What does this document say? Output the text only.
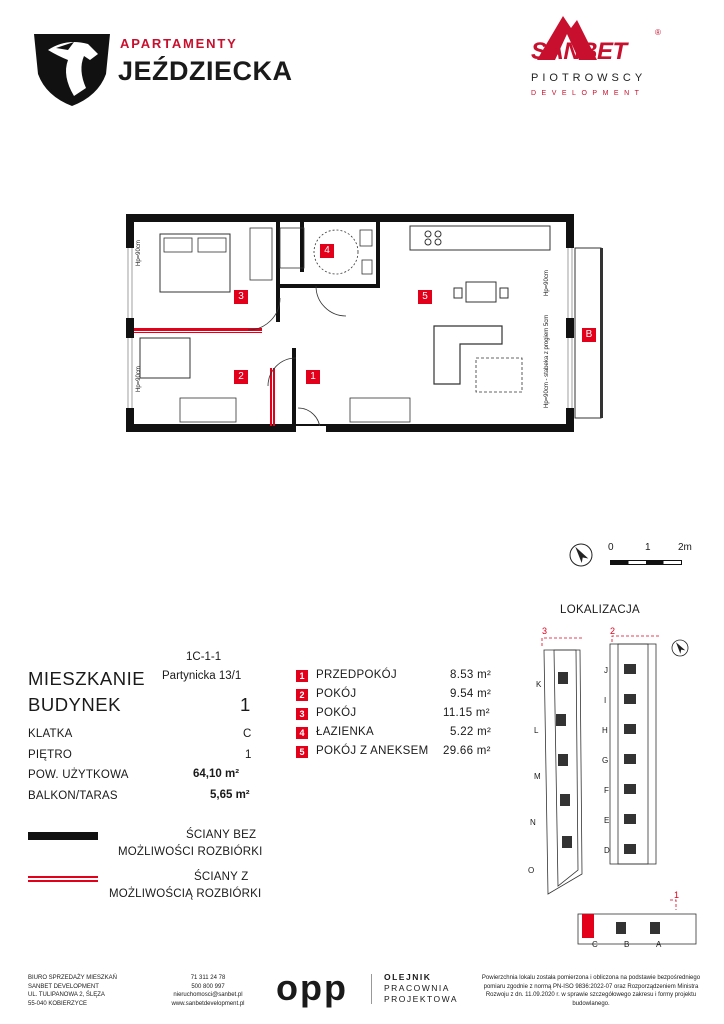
APARTAMENTY
JEŹDZIECKA
SANBET
®
PIOTROWSCY
DEVELOPMENT
1
2
3
4
5
B
Hp=90cm
Hp=90cm
Hp=90cm
Hp=90cm - stabeka z progiem 5cm
0	1	2m
1C-1-1
Partynicka 13/1
MIESZKANIE
BUDYNEK	1
KLATKA	C
PIĘTRO	1
POW. UŻYTKOWA	64,10 m²
BALKON/TARAS	5,65 m²
1	PRZEDPOKÓJ	8.53 m²
2	POKÓJ	9.54 m²
3	POKÓJ	11.15 m²
4	ŁAZIENKA	5.22 m²
5	POKÓJ Z ANEKSEM 29.66 m²
ŚCIANY BEZ
MOŻLIWOŚCI ROZBIÓRKI
ŚCIANY Z
MOŻLIWOŚCIĄ ROZBIÓRKI
LOKALIZACJA
3	2
1
K
L
M
N
O
J
I
H
G
F
E
D
C	B	A
BIURO SPRZEDAŻY MIESZKAŃ
SANBET DEVELOPMENT
UL. TULIPANOWA 2, ŚLĘZA
55-040 KOBIERZYCE
71 311 24 78
500 800 997
nieruchomosci@sanbet.pl
www.sanbetdevelopment.pl opp	OLEJNIK
PRACOWNIA
PROJEKTOWA
Powierzchnia lokalu została pomierzona i obliczona na podstawie bezpośredniego pomiaru zgodnie z normą PN-ISO 9836:2022-07 oraz Rozporządzeniem Ministra Rozwoju z dn. 11.09.2020 r. w sprawie szczegółowego zakresu i formy projektu budowlanego.
